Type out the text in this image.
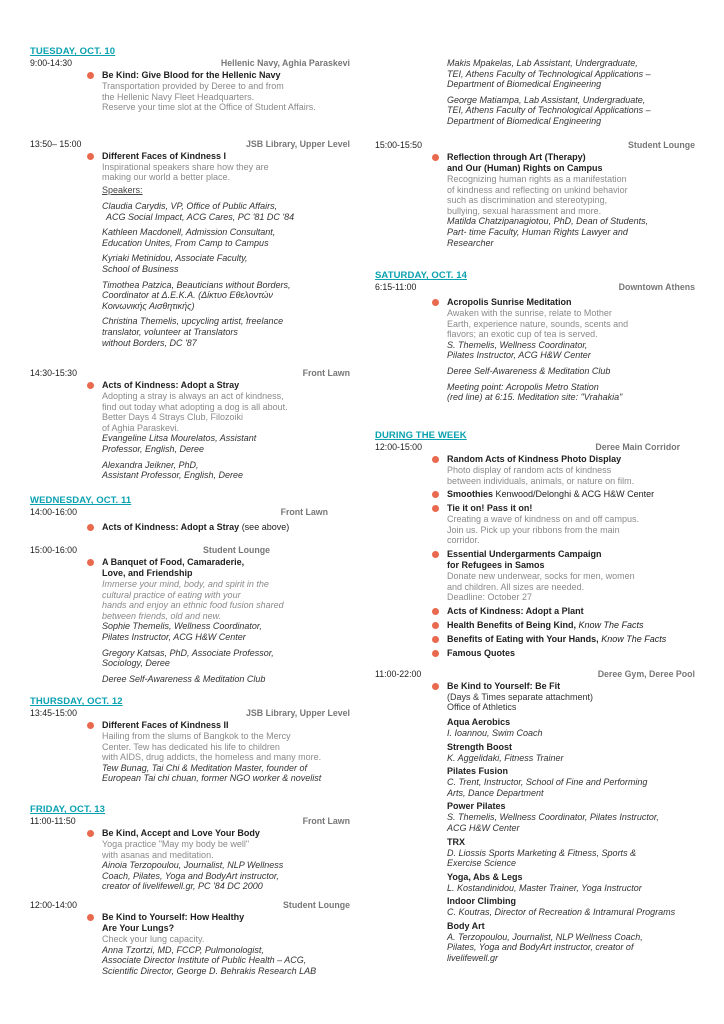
TUESDAY, OCT. 10
9:00-14:30	Hellenic Navy, Aghia Paraskevi
Be Kind: Give Blood for the Hellenic Navy
Transportation provided by Deree to and from
the Hellenic Navy Fleet Headquarters.
Reserve your time slot at the Office of Student Affairs.
13:50– 15:00	JSB Library, Upper Level
Different Faces of Kindness I
Inspirational speakers share how they are
making our world a better place.
Speakers:
Claudia Carydis, VP, Office of Public Affairs,
ACG Social Impact, ACG Cares, PC '81 DC '84
Kathleen Macdonell, Admission Consultant,
Education Unites, From Camp to Campus
Kyriaki Metinidou, Associate Faculty,
School of Business
Timothea Patzica, Beauticians without Borders,
Coordinator at Δ.Ε.Κ.Α. (Δίκτυο Εθελοντών
Κοινωνικής Αισθητικής)
Christina Themelis, upcycling artist, freelance
translator, volunteer at Translators
without Borders, DC '87
14:30-15:30	Front Lawn
Acts of Kindness: Adopt a Stray
Adopting a stray is always an act of kindness,
find out today what adopting a dog is all about.
Better Days 4 Strays Club, Filozoiki
of Aghia Paraskevi.
Evangeline Litsa Mourelatos, Assistant
Professor, English, Deree
Alexandra Jeikner, PhD,
Assistant Professor, English, Deree
WEDNESDAY, OCT. 11
14:00-16:00	Front Lawn
Acts of Kindness: Adopt a Stray (see above)
15:00-16:00	Student Lounge
A Banquet of Food, Camaraderie,
Love, and Friendship
Immerse your mind, body, and spirit in the
cultural practice of eating with your
hands and enjoy an ethnic food fusion shared
between friends, old and new.
Sophie Themelis, Wellness Coordinator,
Pilates Instructor, ACG H&W Center
Gregory Katsas, PhD, Associate Professor,
Sociology, Deree
Deree Self-Awareness & Meditation Club
THURSDAY, OCT. 12
13:45-15:00	JSB Library, Upper Level
Different Faces of Kindness II
Hailing from the slums of Bangkok to the Mercy
Center. Tew has dedicated his life to children
with AIDS, drug addicts, the homeless and many more.
Tew Bunag, Tai Chi & Meditation Master, founder of
European Tai chi chuan, former NGO worker & novelist
FRIDAY, OCT. 13
11:00-11:50	Front Lawn
Be Kind, Accept and Love Your Body
Yoga practice "May my body be well"
with asanas and meditation.
Ainoia Terzopoulou, Journalist, NLP Wellness
Coach, Pilates, Yoga and BodyArt instructor,
creator of livelifewell.gr, PC '84 DC 2000
12:00-14:00	Student Lounge
Be Kind to Yourself: How Healthy
Are Your Lungs?
Check your lung capacity.
Anna Tzortzi, MD, FCCP, Pulmonologist,
Associate Director Institute of Public Health – ACG,
Scientific Director, George D. Behrakis Research LAB
Makis Mpakelas, Lab Assistant, Undergraduate,
TEI, Athens Faculty of Technological Applications –
Department of Biomedical Engineering
George Matiampa, Lab Assistant, Undergraduate,
TEI, Athens Faculty of Technological Applications –
Department of Biomedical Engineering
15:00-15:50	Student Lounge
Reflection through Art (Therapy)
and Our (Human) Rights on Campus
Recognizing human rights as a manifestation
of kindness and reflecting on unkind behavior
such as discrimination and stereotyping,
bullying, sexual harassment and more.
Matilda Chatzipanagiotou, PhD, Dean of Students,
Part- time Faculty, Human Rights Lawyer and
Researcher
SATURDAY, OCT. 14
6:15-11:00	Downtown Athens
Acropolis Sunrise Meditation
Awaken with the sunrise, relate to Mother
Earth, experience nature, sounds, scents and
flavors; an exotic cup of tea is served.
S. Themelis, Wellness Coordinator,
Pilates Instructor, ACG H&W Center
Deree Self-Awareness & Meditation Club
Meeting point: Acropolis Metro Station
(red line) at 6:15. Meditation site: "Vrahakia"
DURING THE WEEK
12:00-15:00	Deree Main Corridor
Random Acts of Kindness Photo Display
Photo display of random acts of kindness
between individuals, animals, or nature on film.
Smoothies Kenwood/Delonghi & ACG H&W Center
Tie it on! Pass it on!
Creating a wave of kindness on and off campus.
Join us. Pick up your ribbons from the main
corridor.
Essential Undergarments Campaign
for Refugees in Samos
Donate new underwear, socks for men, women
and children. All sizes are needed.
Deadline: October 27
Acts of Kindness: Adopt a Plant
Health Benefits of Being Kind, Know The Facts
Benefits of Eating with Your Hands, Know The Facts
Famous Quotes
11:00-22:00	Deree Gym, Deree Pool
Be Kind to Yourself: Be Fit
(Days & Times separate attachment)
Office of Athletics
Aqua Aerobics
I. Ioannou, Swim Coach
Strength Boost
K. Aggelidaki, Fitness Trainer
Pilates Fusion
C. Trent, Instructor, School of Fine and Performing
Arts, Dance Department
Power Pilates
S. Themelis, Wellness Coordinator, Pilates Instructor,
ACG H&W Center
TRX
D. Liossis Sports Marketing & Fitness, Sports &
Exercise Science
Yoga, Abs & Legs
L. Kostandinidou, Master Trainer, Yoga Instructor
Indoor Climbing
C. Koutras, Director of Recreation & Intramural Programs
Body Art
A. Terzopoulou, Journalist, NLP Wellness Coach,
Pilates, Yoga and BodyArt instructor, creator of
livelifewell.gr
